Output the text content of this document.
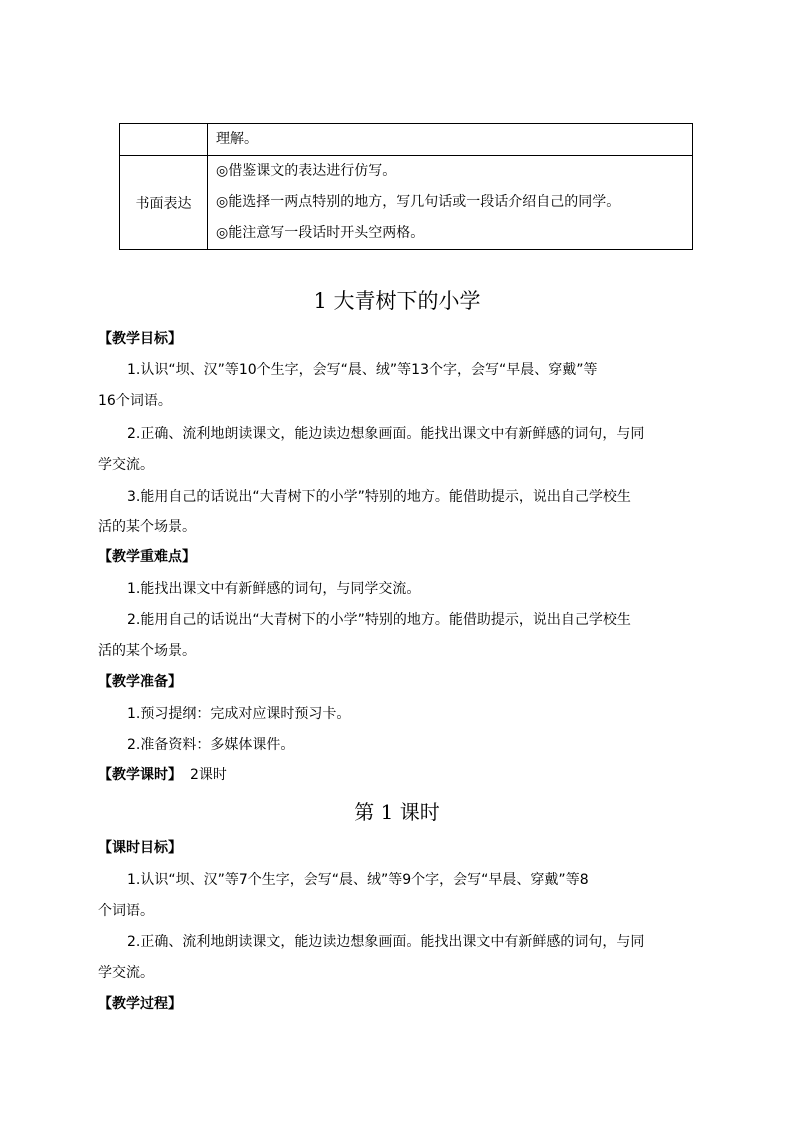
	理解。

书面表达	◎借鉴课文的表达进行仿写。
◎能选择一两点特别的地方，写几句话或一段话介绍自己的同学。
◎能注意写一段话时开头空两格。
1 大青树下的小学
【教学目标】
1.认识“坝、汉”等10个生字，会写“晨、绒”等13个字，会写“早晨、穿戴”等
16个词语。
2.正确、流利地朗读课文，能边读边想象画面。能找出课文中有新鲜感的词句，与同
学交流。
3.能用自己的话说出“大青树下的小学”特别的地方。能借助提示，说出自己学校生
活的某个场景。
【教学重难点】
1.能找出课文中有新鲜感的词句，与同学交流。
2.能用自己的话说出“大青树下的小学”特别的地方。能借助提示，说出自己学校生
活的某个场景。
【教学准备】
1.预习提纲：完成对应课时预习卡。
2.准备资料：多媒体课件。
【教学课时】 2课时
第 1 课时
【课时目标】
1.认识“坝、汉”等7个生字，会写“晨、绒”等9个字，会写“早晨、穿戴”等8
个词语。
2.正确、流利地朗读课文，能边读边想象画面。能找出课文中有新鲜感的词句，与同
学交流。
【教学过程】
